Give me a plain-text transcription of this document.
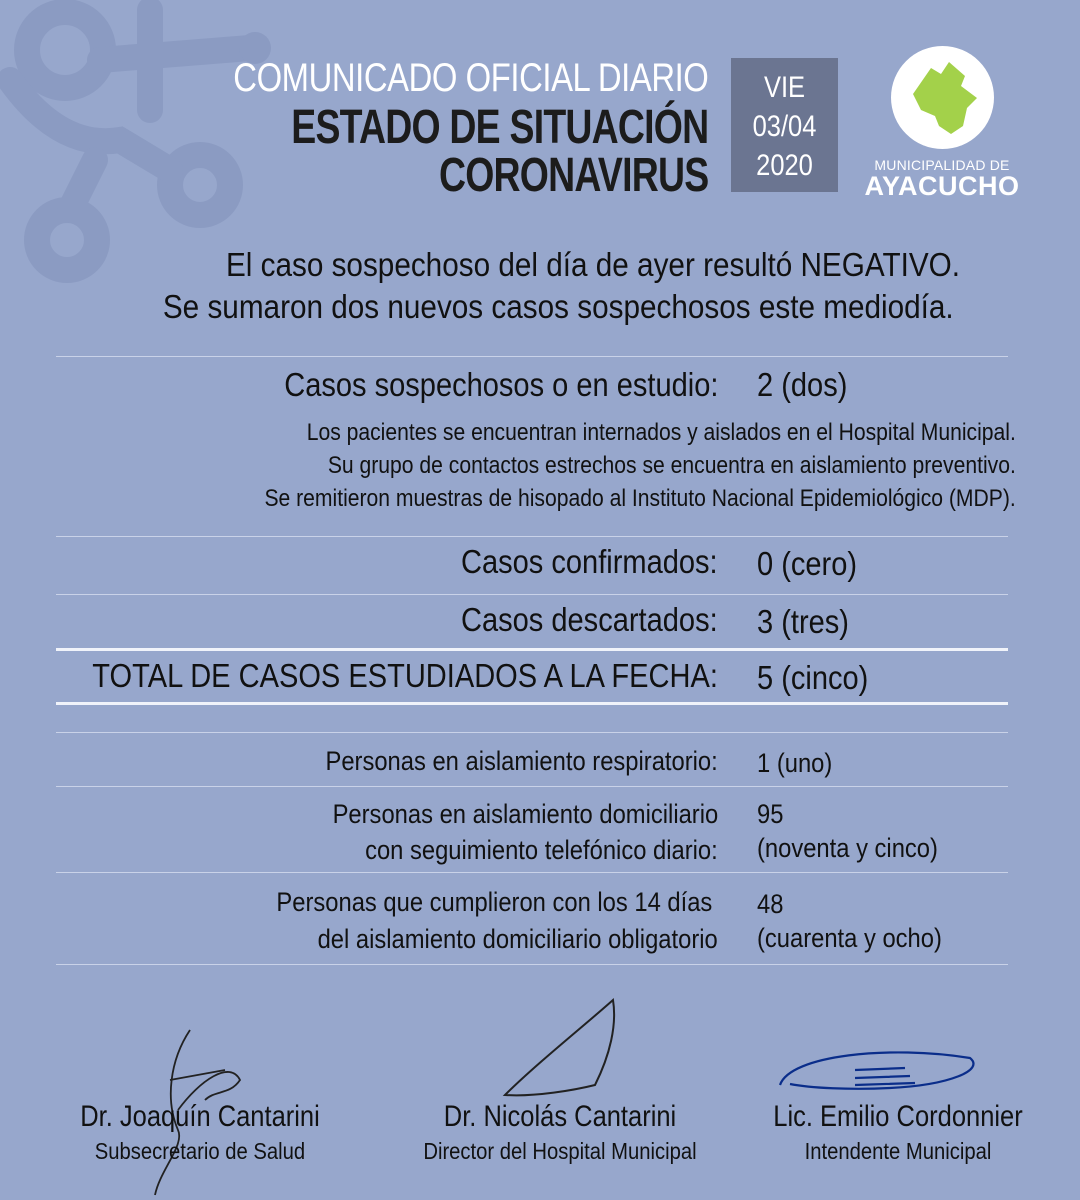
COMUNICADO OFICIAL DIARIO
ESTADO DE SITUACIÓN
CORONAVIRUS
VIE
03/04
2020	MUNICIPALIDAD DE
AYACUCHO
El caso sospechoso del día de ayer resultó NEGATIVO.
Se sumaron dos nuevos casos sospechosos este mediodía.
Casos sospechosos o en estudio: 2 (dos)
Los pacientes se encuentran internados y aislados en el Hospital Municipal.
Su grupo de contactos estrechos se encuentra en aislamiento preventivo.
Se remitieron muestras de hisopado al Instituto Nacional Epidemiológico (MDP).
Casos confirmados: 0 (cero)
Casos descartados: 3 (tres)
TOTAL DE CASOS ESTUDIADOS A LA FECHA: 5 (cinco)
Personas en aislamiento respiratorio: 1 (uno)
Personas en aislamiento domiciliario
con seguimiento telefónico diario:
95
(noventa y cinco)
Personas que cumplieron con los 14 días
del aislamiento domiciliario obligatorio
48
(cuarenta y ocho)
Dr. Joaquín Cantarini
Subsecretario de Salud
Dr. Nicolás Cantarini
Director del Hospital Municipal
Lic. Emilio Cordonnier
Intendente Municipal
